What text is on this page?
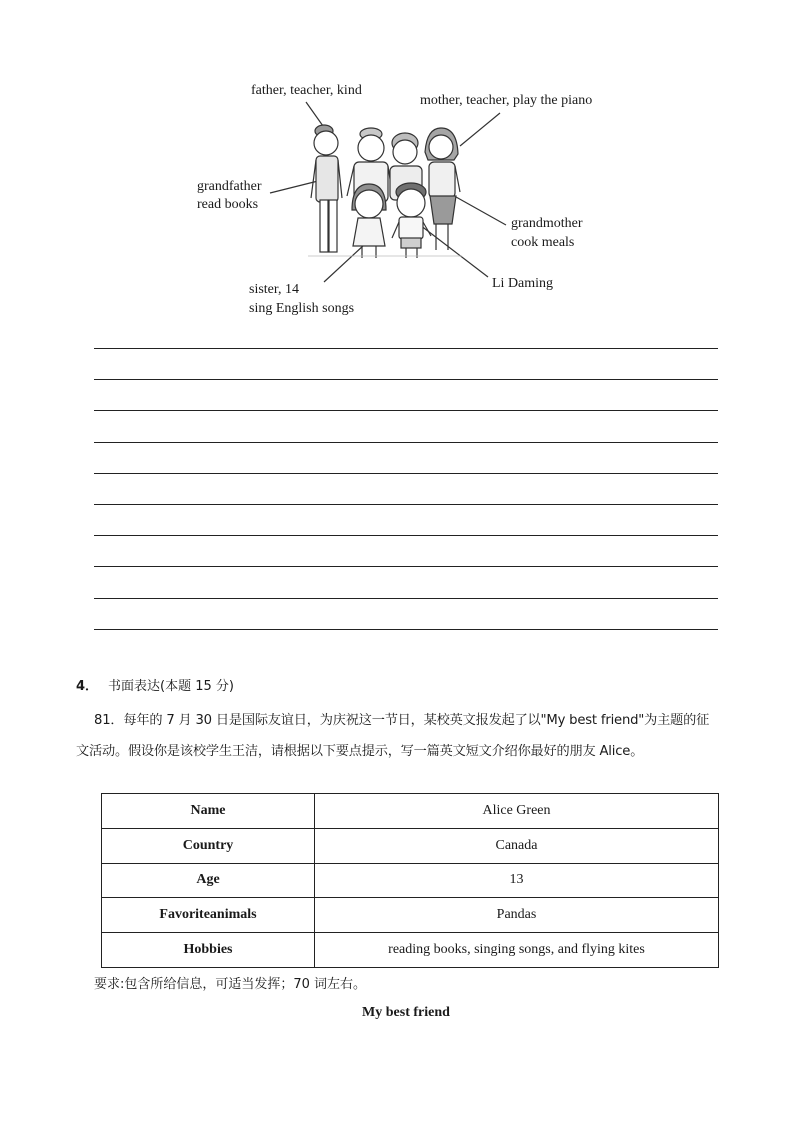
father, teacher, kind
mother, teacher, play the piano
grandfather
read books
grandmother
cook meals
Li Daming
sister, 14
sing English songs
4． 书面表达(本题 15 分)
81．每年的 7 月 30 日是国际友谊日，为庆祝这一节日，某校英文报发起了以"My best friend"为主题的征文活动。假设你是该校学生王洁，请根据以下要点提示，写一篇英文短文介绍你最好的朋友 Alice。
Name	Alice Green
Country	Canada
Age	13
Favoriteanimals	Pandas
Hobbies	reading books, singing songs, and flying kites
要求:包含所给信息，可适当发挥；70 词左右。
My best friend
